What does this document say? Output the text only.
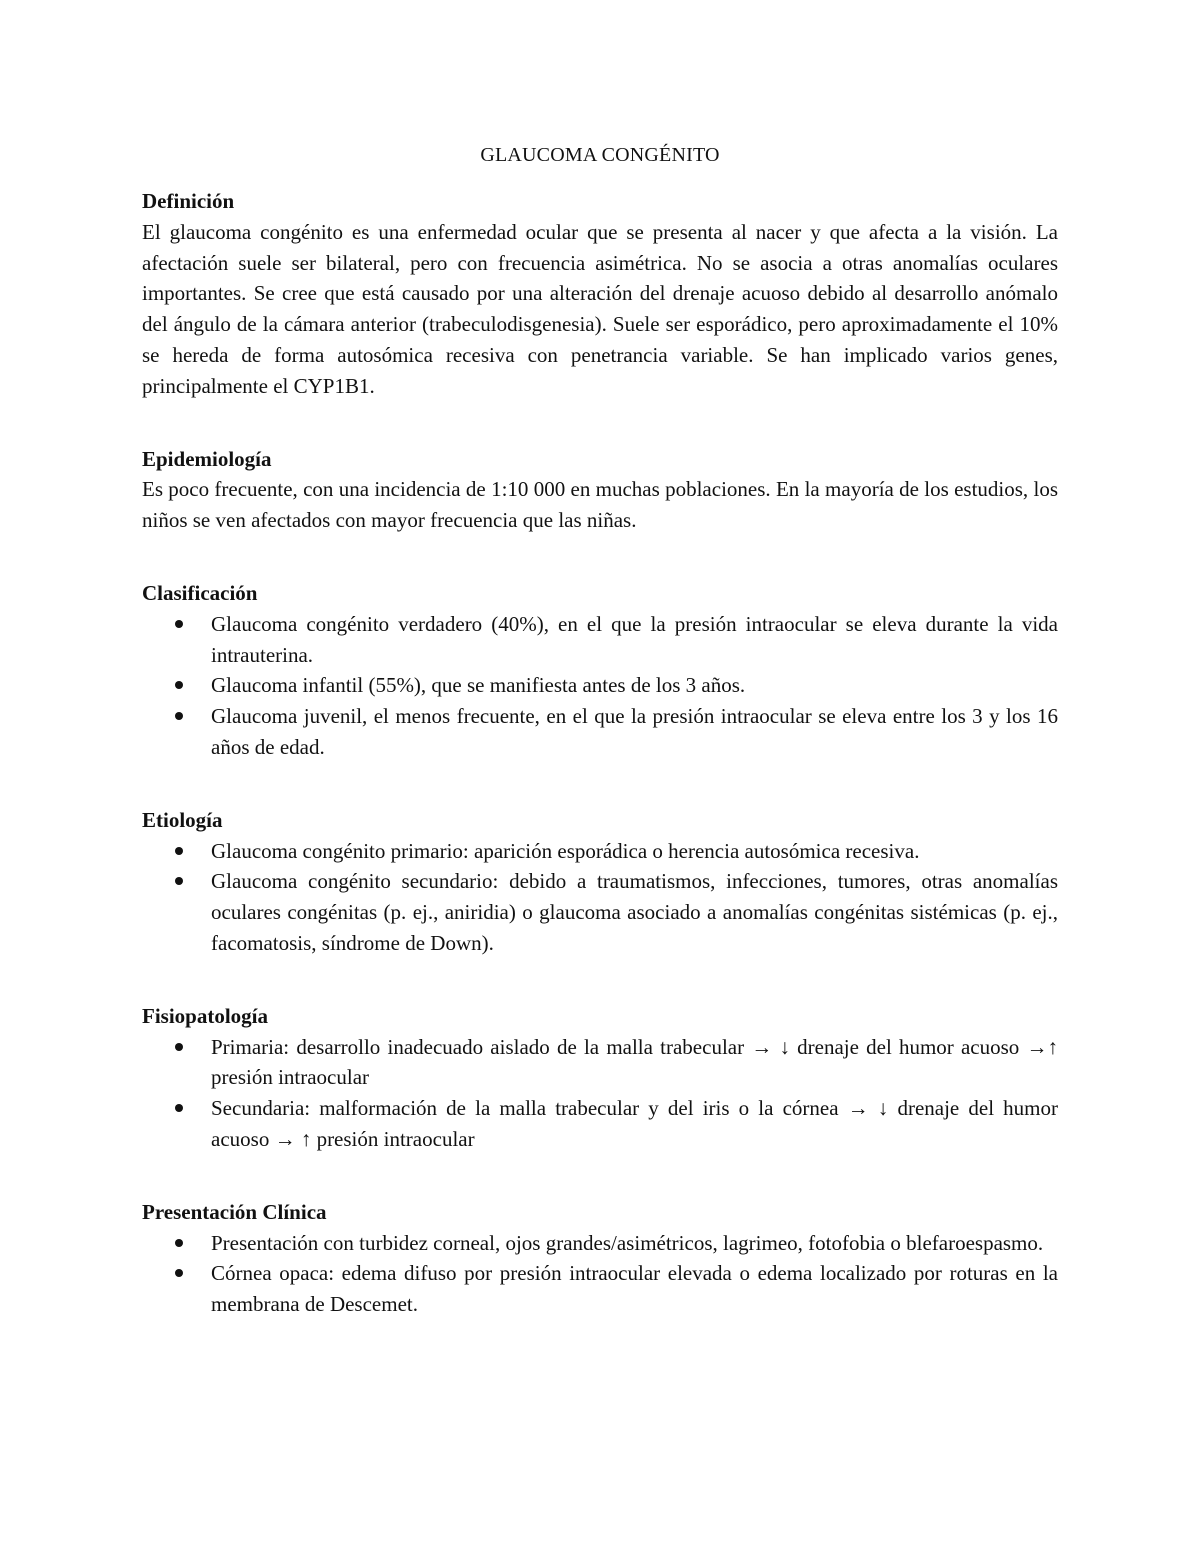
GLAUCOMA CONGÉNITO

Definición

El glaucoma congénito es una enfermedad ocular que se presenta al nacer y que afecta a la visión. La afectación suele ser bilateral, pero con frecuencia asimétrica. No se asocia a otras anomalías oculares importantes. Se cree que está causado por una alteración del drenaje acuoso debido al desarrollo anómalo del ángulo de la cámara anterior (trabeculodisgenesia). Suele ser esporádico, pero aproximadamente el 10% se hereda de forma autosómica recesiva con penetrancia variable. Se han implicado varios genes, principalmente el CYP1B1.

Epidemiología

Es poco frecuente, con una incidencia de 1:10 000 en muchas poblaciones. En la mayoría de los estudios, los niños se ven afectados con mayor frecuencia que las niñas.

Clasificación

Glaucoma congénito verdadero (40%), en el que la presión intraocular se eleva durante la vida intrauterina.
Glaucoma infantil (55%), que se manifiesta antes de los 3 años.
Glaucoma juvenil, el menos frecuente, en el que la presión intraocular se eleva entre los 3 y los 16 años de edad.

Etiología

Glaucoma congénito primario: aparición esporádica o herencia autosómica recesiva.
Glaucoma congénito secundario: debido a traumatismos, infecciones, tumores, otras anomalías oculares congénitas (p. ej., aniridia) o glaucoma asociado a anomalías congénitas sistémicas (p. ej., facomatosis, síndrome de Down).

Fisiopatología

Primaria: desarrollo inadecuado aislado de la malla trabecular → ↓ drenaje del humor acuoso →↑ presión intraocular
Secundaria: malformación de la malla trabecular y del iris o la córnea → ↓ drenaje del humor acuoso → ↑ presión intraocular

Presentación Clínica

Presentación con turbidez corneal, ojos grandes/asimétricos, lagrimeo, fotofobia o blefaroespasmo.
Córnea opaca: edema difuso por presión intraocular elevada o edema localizado por roturas en la membrana de Descemet.
